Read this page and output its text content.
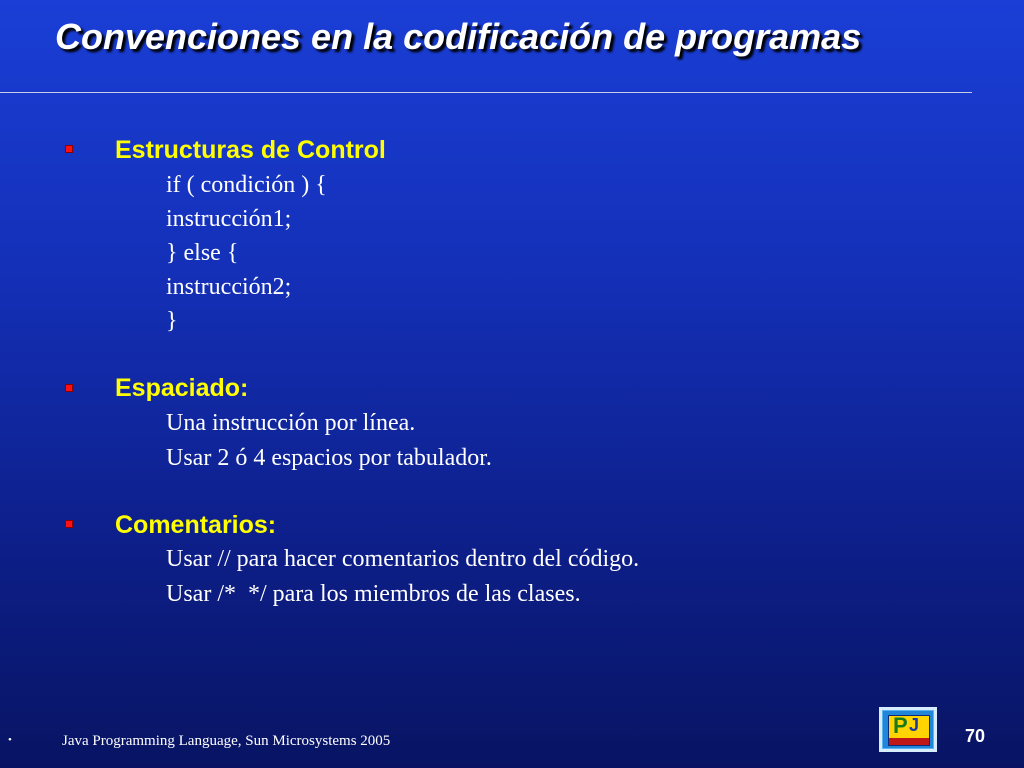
Convenciones en la codificación de programas
Estructuras de Control
if ( condición ) {
instrucción1;
} else {
instrucción2;
}
Espaciado:
Una instrucción por línea.
Usar 2 ó 4 espacios por tabulador.
Comentarios:
Usar // para hacer comentarios dentro del código.
Usar /*  */ para los miembros de las clases.
•	Java Programming Language, Sun Microsystems 2005
P J
70
